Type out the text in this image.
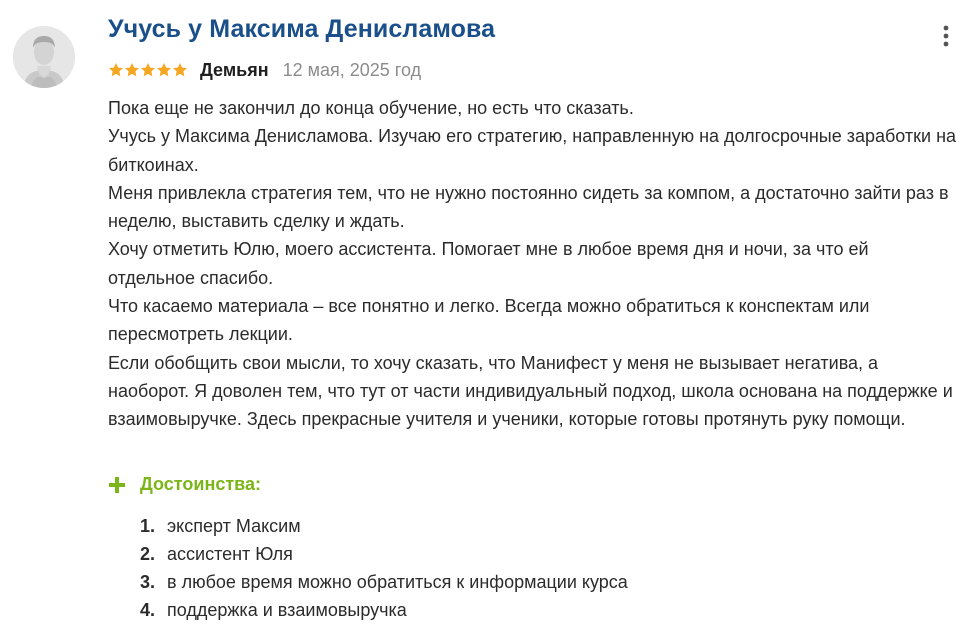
Учусь у Максима Денисламова
Демьян 12 мая, 2025 год

Пока еще не закончил до конца обучение, но есть что сказать.

Учусь у Максима Денисламова. Изучаю его стратегию, направленную на долгосрочные заработки на биткоинах.

Меня привлекла стратегия тем, что не нужно постоянно сидеть за компом, а достаточно зайти раз в неделю, выставить сделку и ждать.

Хочу отметить Юлю, моего ассистента. Помогает мне в любое время дня и ночи, за что ей отдельное спасибо.

Что касаемо материала – все понятно и легко. Всегда можно обратиться к конспектам или пересмотреть лекции.

Если обобщить свои мысли, то хочу сказать, что Манифест у меня не вызывает негатива, а наоборот. Я доволен тем, что тут от части индивидуальный подход, школа основана на поддержке и взаимовыручке. Здесь прекрасные учителя и ученики, которые готовы протянуть руку помощи.

Достоинства:
1. эксперт Максим
2. ассистент Юля
3. в любое время можно обратиться к информации курса
4. поддержка и взаимовыручка
